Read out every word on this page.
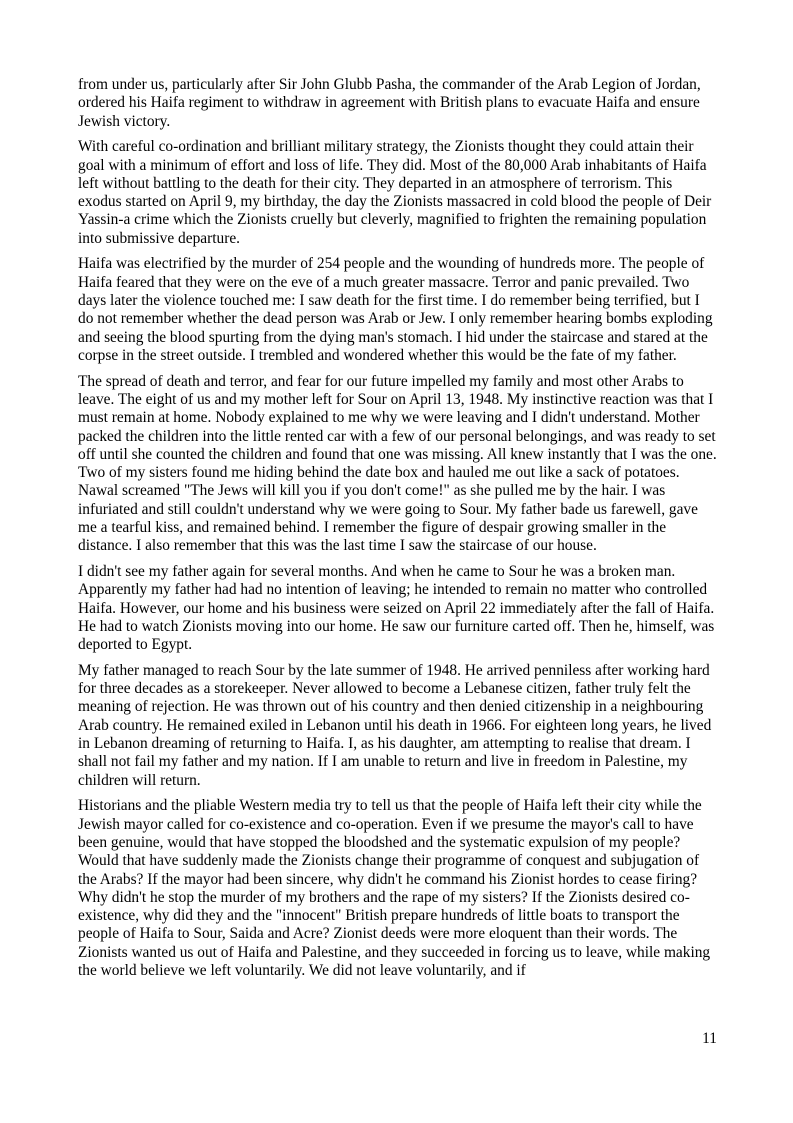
from under us, particularly after Sir John Glubb Pasha, the commander of the Arab Legion of Jordan, ordered his Haifa regiment to withdraw in agreement with British plans to evacuate Haifa and ensure Jewish victory.

With careful co-ordination and brilliant military strategy, the Zionists thought they could attain their goal with a minimum of effort and loss of life. They did. Most of the 80,000 Arab inhabitants of Haifa left without battling to the death for their city. They departed in an atmosphere of terrorism. This exodus started on April 9, my birthday, the day the Zionists massacred in cold blood the people of Deir Yassin-a crime which the Zionists cruelly but cleverly, magnified to frighten the remaining population into submissive departure.

Haifa was electrified by the murder of 254 people and the wounding of hundreds more. The people of Haifa feared that they were on the eve of a much greater massacre. Terror and panic prevailed. Two days later the violence touched me: I saw death for the first time. I do remember being terrified, but I do not remember whether the dead person was Arab or Jew. I only remember hearing bombs exploding and seeing the blood spurting from the dying man's stomach. I hid under the staircase and stared at the corpse in the street outside. I trembled and wondered whether this would be the fate of my father.

The spread of death and terror, and fear for our future impelled my family and most other Arabs to leave. The eight of us and my mother left for Sour on April 13, 1948. My instinctive reaction was that I must remain at home. Nobody explained to me why we were leaving and I didn't understand. Mother packed the children into the little rented car with a few of our personal belongings, and was ready to set off until she counted the children and found that one was missing. All knew instantly that I was the one. Two of my sisters found me hiding behind the date box and hauled me out like a sack of potatoes. Nawal screamed "The Jews will kill you if you don't come!" as she pulled me by the hair. I was infuriated and still couldn't understand why we were going to Sour. My father bade us farewell, gave me a tearful kiss, and remained behind. I remember the figure of despair growing smaller in the distance. I also remember that this was the last time I saw the staircase of our house.

I didn't see my father again for several months. And when he came to Sour he was a broken man. Apparently my father had had no intention of leaving; he intended to remain no matter who controlled Haifa. However, our home and his business were seized on April 22 immediately after the fall of Haifa. He had to watch Zionists moving into our home. He saw our furniture carted off. Then he, himself, was deported to Egypt.

My father managed to reach Sour by the late summer of 1948. He arrived penniless after working hard for three decades as a storekeeper. Never allowed to become a Lebanese citizen, father truly felt the meaning of rejection. He was thrown out of his country and then denied citizenship in a neighbouring Arab country. He remained exiled in Lebanon until his death in 1966. For eighteen long years, he lived in Lebanon dreaming of returning to Haifa. I, as his daughter, am attempting to realise that dream. I shall not fail my father and my nation. If I am unable to return and live in freedom in Palestine, my children will return.

Historians and the pliable Western media try to tell us that the people of Haifa left their city while the Jewish mayor called for co-existence and co-operation. Even if we presume the mayor's call to have been genuine, would that have stopped the bloodshed and the systematic expulsion of my people? Would that have suddenly made the Zionists change their programme of conquest and subjugation of the Arabs? If the mayor had been sincere, why didn't he command his Zionist hordes to cease firing? Why didn't he stop the murder of my brothers and the rape of my sisters? If the Zionists desired co-existence, why did they and the "innocent" British prepare hundreds of little boats to transport the people of Haifa to Sour, Saida and Acre? Zionist deeds were more eloquent than their words. The Zionists wanted us out of Haifa and Palestine, and they succeeded in forcing us to leave, while making the world believe we left voluntarily. We did not leave voluntarily, and if

11
